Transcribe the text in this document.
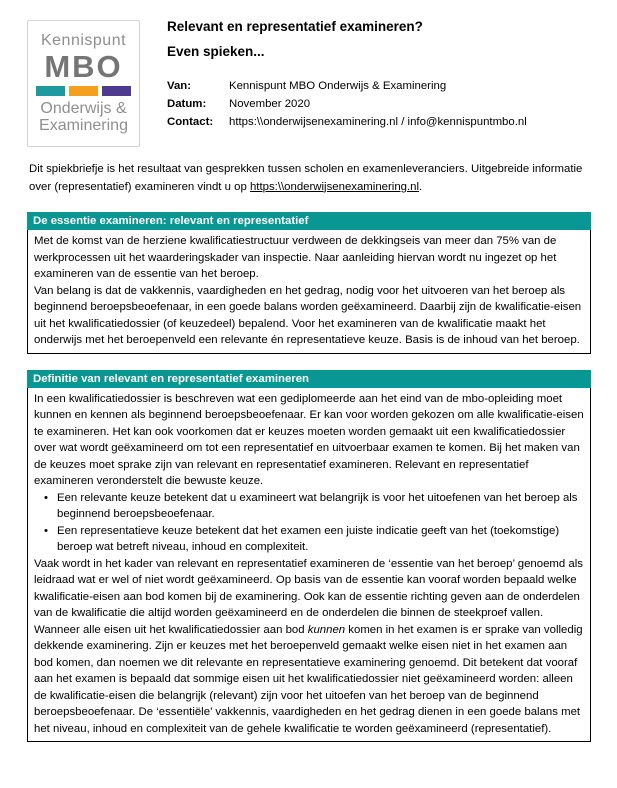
Kennispunt
MBO
Onderwijs &
Examinering
Relevant en representatief examineren?
Even spieken...
Van:	Kennispunt MBO Onderwijs & Examinering
Datum:	November 2020
Contact:	https:\\onderwijsenexaminering.nl / info@kennispuntmbo.nl

Dit spiekbriefje is het resultaat van gesprekken tussen scholen en examenleveranciers. Uitgebreide informatie over (representatief) examineren vindt u op https:\\onderwijsenexaminering.nl.

De essentie examineren: relevant en representatief

Met de komst van de herziene kwalificatiestructuur verdween de dekkingseis van meer dan 75% van de werkprocessen uit het waarderingskader van inspectie. Naar aanleiding hiervan wordt nu ingezet op het examineren van de essentie van het beroep.

Van belang is dat de vakkennis, vaardigheden en het gedrag, nodig voor het uitvoeren van het beroep als beginnend beroepsbeoefenaar, in een goede balans worden geëxamineerd. Daarbij zijn de kwalificatie-eisen uit het kwalificatiedossier (of keuzedeel) bepalend. Voor het examineren van de kwalificatie maakt het onderwijs met het beroepenveld een relevante én representatieve keuze. Basis is de inhoud van het beroep.

Definitie van relevant en representatief examineren

In een kwalificatiedossier is beschreven wat een gediplomeerde aan het eind van de mbo-opleiding moet kunnen en kennen als beginnend beroepsbeoefenaar. Er kan voor worden gekozen om alle kwalificatie-eisen te examineren. Het kan ook voorkomen dat er keuzes moeten worden gemaakt uit een kwalificatiedossier over wat wordt geëxamineerd om tot een representatief en uitvoerbaar examen te komen. Bij het maken van de keuzes moet sprake zijn van relevant en representatief examineren. Relevant en representatief examineren veronderstelt die bewuste keuze.

• Een relevante keuze betekent dat u examineert wat belangrijk is voor het uitoefenen van het beroep als beginnend beroepsbeoefenaar.
• Een representatieve keuze betekent dat het examen een juiste indicatie geeft van het (toekomstige) beroep wat betreft niveau, inhoud en complexiteit.

Vaak wordt in het kader van relevant en representatief examineren de ‘essentie van het beroep’ genoemd als leidraad wat er wel of niet wordt geëxamineerd. Op basis van de essentie kan vooraf worden bepaald welke kwalificatie-eisen aan bod komen bij de examinering. Ook kan de essentie richting geven aan de onderdelen van de kwalificatie die altijd worden geëxamineerd en de onderdelen die binnen de steekproef vallen.

Wanneer alle eisen uit het kwalificatiedossier aan bod kunnen komen in het examen is er sprake van volledig dekkende examinering. Zijn er keuzes met het beroepenveld gemaakt welke eisen niet in het examen aan bod komen, dan noemen we dit relevante en representatieve examinering genoemd. Dit betekent dat vooraf aan het examen is bepaald dat sommige eisen uit het kwalificatiedossier niet geëxamineerd worden: alleen de kwalificatie-eisen die belangrijk (relevant) zijn voor het uitoefen van het beroep van de beginnend beroepsbeoefenaar. De ‘essentiële’ vakkennis, vaardigheden en het gedrag dienen in een goede balans met het niveau, inhoud en complexiteit van de gehele kwalificatie te worden geëxamineerd (representatief).
